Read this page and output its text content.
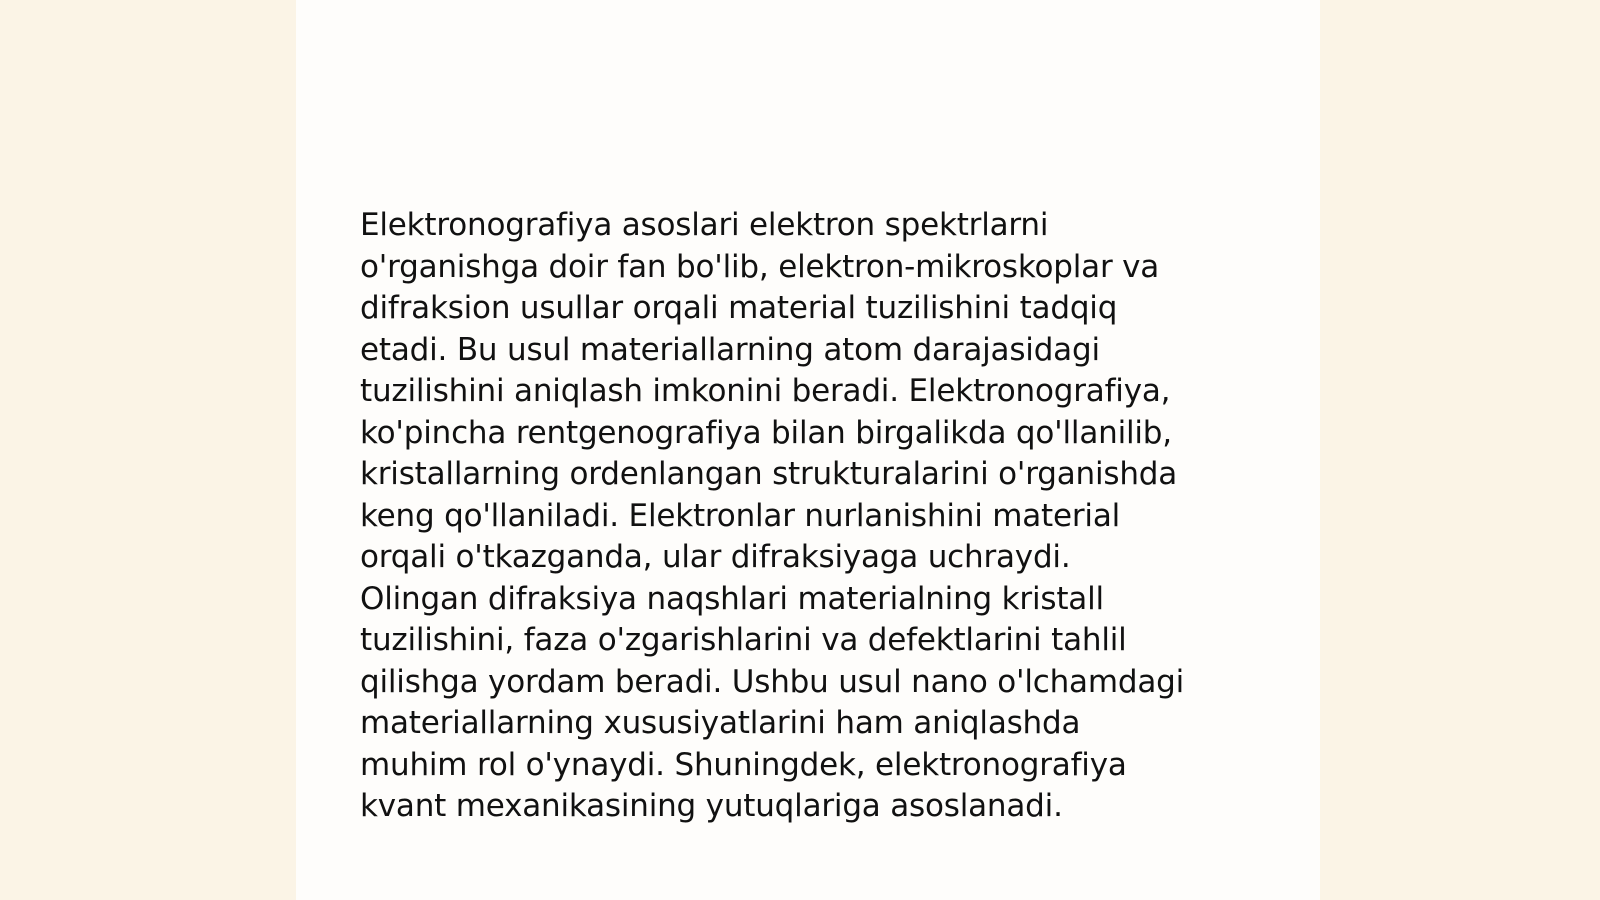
Elektronografiya asoslari elektron spektrlarni
o'rganishga doir fan bo'lib, elektron-mikroskoplar va
difraksion usullar orqali material tuzilishini tadqiq
etadi. Bu usul materiallarning atom darajasidagi
tuzilishini aniqlash imkonini beradi. Elektronografiya,
ko'pincha rentgenografiya bilan birgalikda qo'llanilib,
kristallarning ordenlangan strukturalarini o'rganishda
keng qo'llaniladi. Elektronlar nurlanishini material
orqali o'tkazganda, ular difraksiyaga uchraydi.
Olingan difraksiya naqshlari materialning kristall
tuzilishini, faza o'zgarishlarini va defektlarini tahlil
qilishga yordam beradi. Ushbu usul nano o'lchamdagi
materiallarning xususiyatlarini ham aniqlashda
muhim rol o'ynaydi. Shuningdek, elektronografiya
kvant mexanikasining yutuqlariga asoslanadi.
